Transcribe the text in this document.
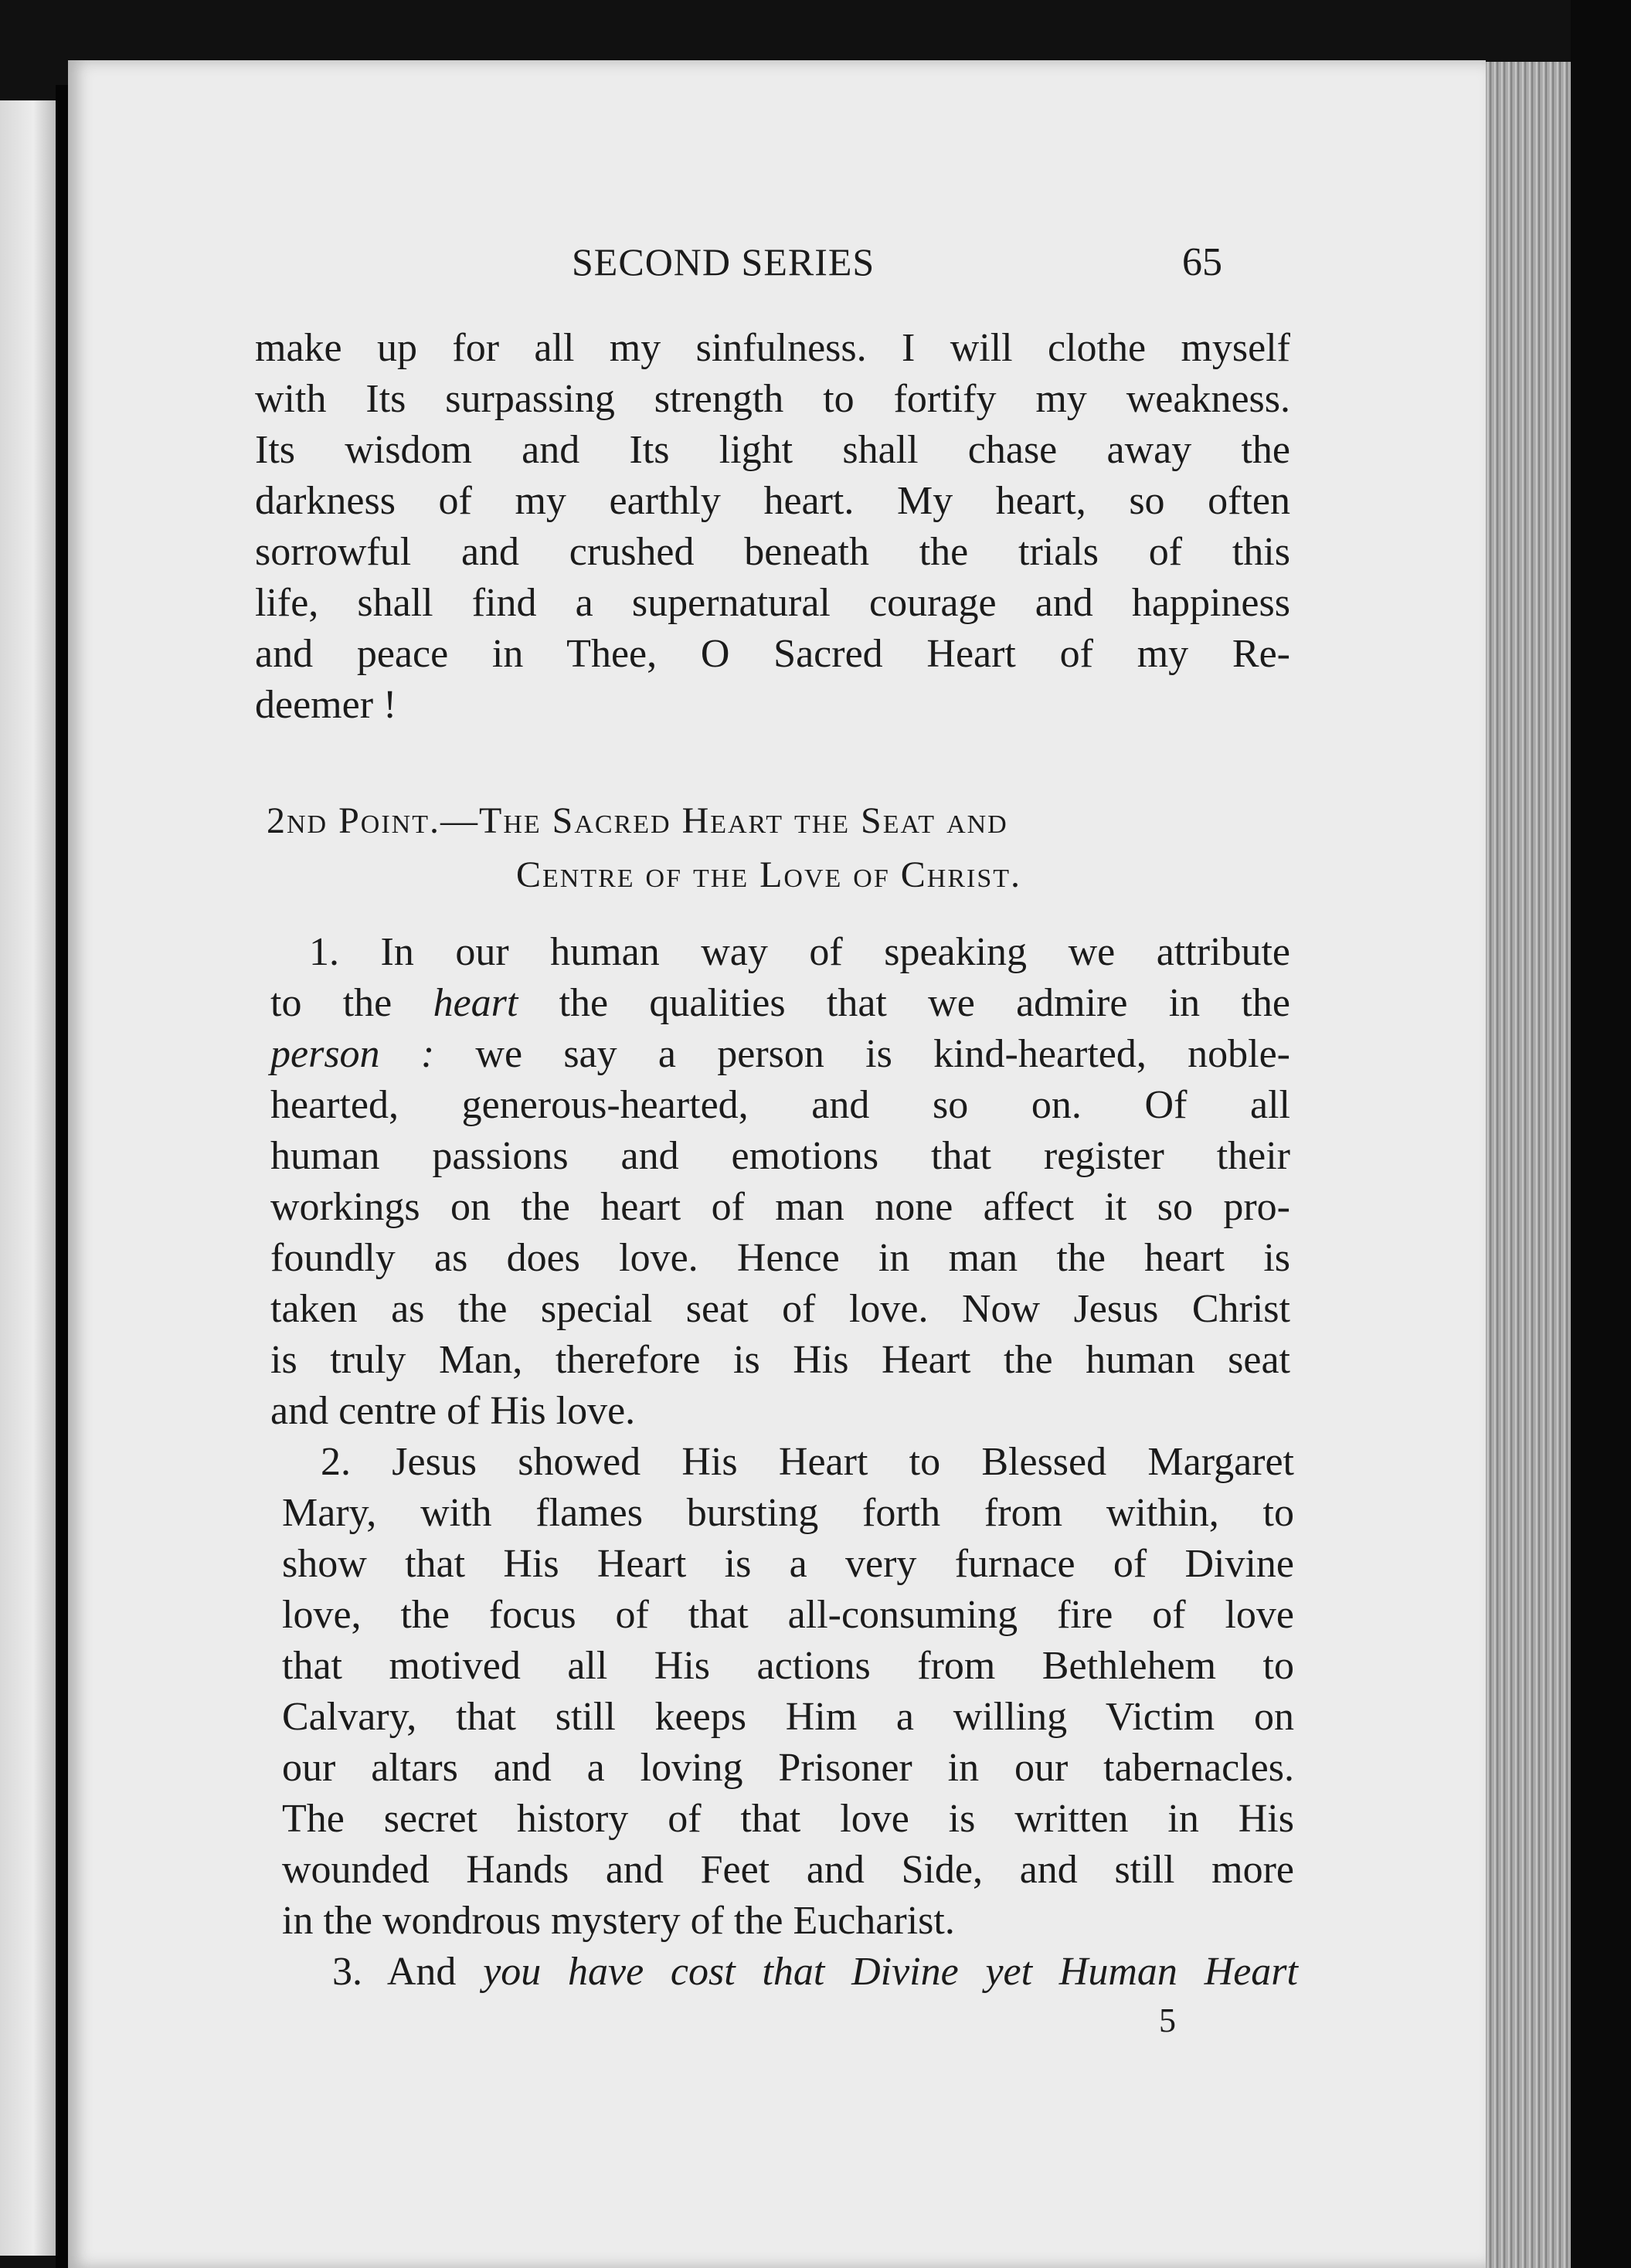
SECOND SERIES	65
make up for all my sinfulness. I will clothe myself
with Its surpassing strength to fortify my weakness.
Its wisdom and Its light shall chase away the
darkness of my earthly heart. My heart, so often
sorrowful and crushed beneath the trials of this
life, shall find a supernatural courage and happiness
and peace in Thee, O Sacred Heart of my Re-
deemer !
2nd Point.—The Sacred Heart the Seat and
Centre of the Love of Christ.
1. In our human way of speaking we attribute
to the heart the qualities that we admire in the
person : we say a person is kind-hearted, noble-
hearted, generous-hearted, and so on. Of all
human passions and emotions that register their
workings on the heart of man none affect it so pro-
foundly as does love. Hence in man the heart is
taken as the special seat of love. Now Jesus Christ
is truly Man, therefore is His Heart the human seat
and centre of His love.
2. Jesus showed His Heart to Blessed Margaret
Mary, with flames bursting forth from within, to
show that His Heart is a very furnace of Divine
love, the focus of that all-consuming fire of love
that motived all His actions from Bethlehem to
Calvary, that still keeps Him a willing Victim on
our altars and a loving Prisoner in our tabernacles.
The secret history of that love is written in His
wounded Hands and Feet and Side, and still more
in the wondrous mystery of the Eucharist.
3. And you have cost that Divine yet Human Heart
5
